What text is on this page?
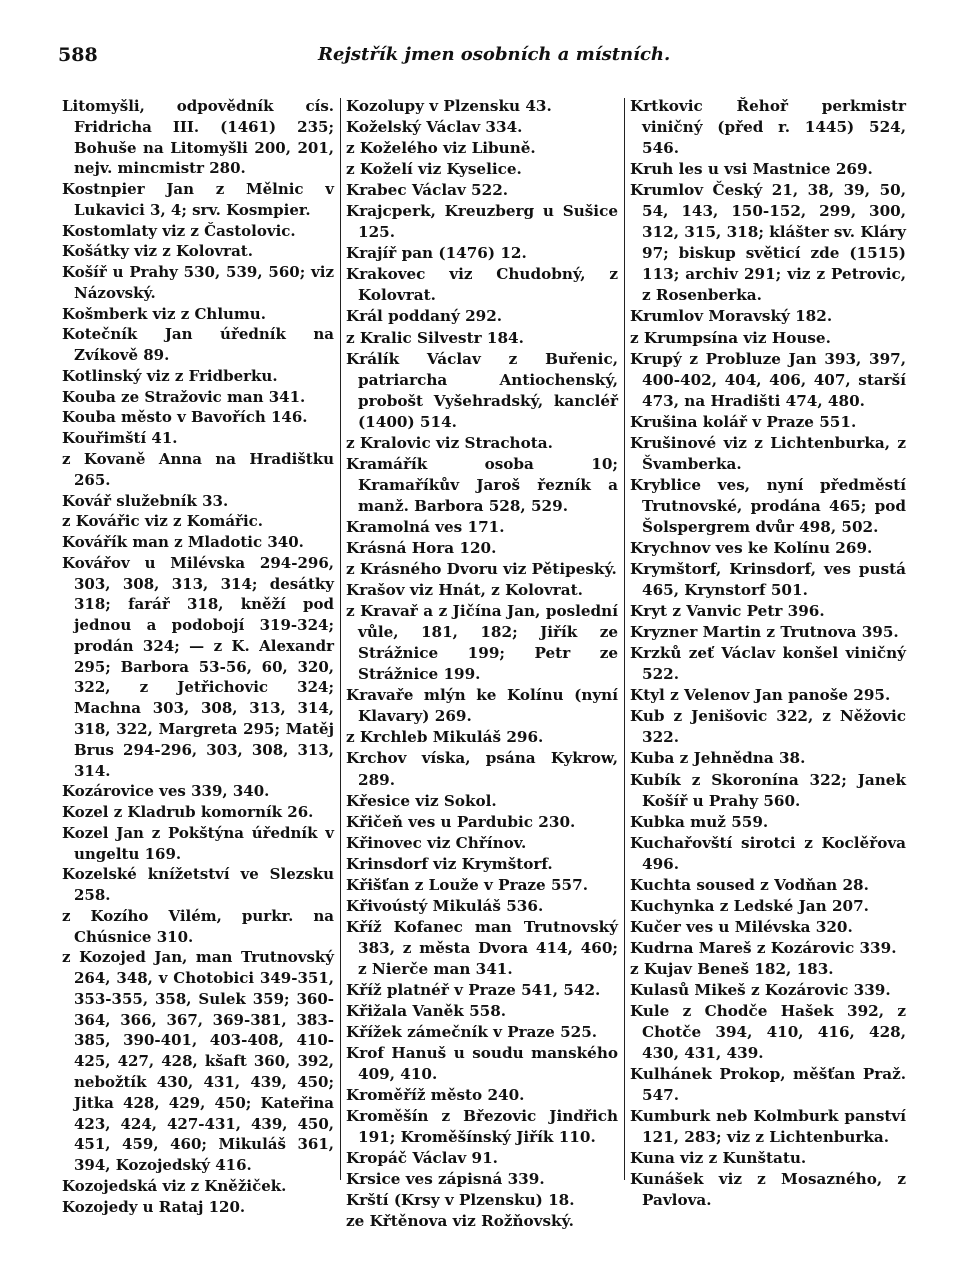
588	Rejstřík jmen osobních a místních.
Litomyšli, odpovědník cís. Fridricha III. (1461) 235; Bohuše na Litomyšli 200, 201, nejv. mincmistr 280.
Kostnpier Jan z Mělnic v Lukavici 3, 4; srv. Kosmpier.
Kostomlaty viz z Častolovic.
Košátky viz z Kolovrat.
Košíř u Prahy 530, 539, 560; viz Názovský.
Košmberk viz z Chlumu.
Kotečník Jan úředník na Zvíkově 89.
Kotlinský viz z Fridberku.
Kouba ze Stražovic man 341.
Kouba město v Bavořích 146.
Kouřimští 41.
z Kovaně Anna na Hradištku 265.
Kovář služebník 33.
z Kovářic viz z Komářic.
Kovářík man z Mladotic 340.
Kovářov u Milévska 294-296, 303, 308, 313, 314; desátky 318; farář 318, kněží pod jednou a podobojí 319-324; prodán 324; — z K. Alexandr 295; Barbora 53-56, 60, 320, 322, z Jetřichovic 324; Machna 303, 308, 313, 314, 318, 322, Margreta 295; Matěj Brus 294-296, 303, 308, 313, 314.
Kozárovice ves 339, 340.
Kozel z Kladrub komorník 26.
Kozel Jan z Pokštýna úředník v ungeltu 169.
Kozelské knížetství ve Slezsku 258.
z Kozího Vilém, purkr. na Chúsnice 310.
z Kozojed Jan, man Trutnovský 264, 348, v Chotobici 349-351, 353-355, 358, Sulek 359; 360-364, 366, 367, 369-381, 383-385, 390-401, 403-408, 410-425, 427, 428, kšaft 360, 392, nebožtík 430, 431, 439, 450; Jitka 428, 429, 450; Kateřina 423, 424, 427-431, 439, 450, 451, 459, 460; Mikuláš 361, 394, Kozojedský 416.
Kozojedská viz z Kněžiček.
Kozojedy u Rataj 120.
Kozolupy v Plzensku 43.
Koželský Václav 334.
z Koželého viz Libuně.
z Koželí viz Kyselice.
Krabec Václav 522.
Krajcperk, Kreuzberg u Sušice 125.
Krajíř pan (1476) 12.
Krakovec viz Chudobný, z Kolovrat.
Král poddaný 292.
z Kralic Silvestr 184.
Králík Václav z Buřenic, patriarcha Antiochenský, probošt Vyšehradský, kancléř (1400) 514.
z Kralovic viz Strachota.
Kramářík osoba 10; Kramaříkův Jaroš řezník a manž. Barbora 528, 529.
Kramolná ves 171.
Krásná Hora 120.
z Krásného Dvoru viz Pětipeský.
Krašov viz Hnát, z Kolovrat.
z Kravař a z Jičína Jan, poslední vůle, 181, 182; Jiřík ze Strážnice 199; Petr ze Strážnice 199.
Kravaře mlýn ke Kolínu (nyní Klavary) 269.
z Krchleb Mikuláš 296.
Krchov víska, psána Kykrow, 289.
Křesice viz Sokol.
Křičeň ves u Pardubic 230.
Křinovec viz Chřínov.
Krinsdorf viz Krymštorf.
Křišťan z Louže v Praze 557.
Křivoústý Mikuláš 536.
Kříž Kofanec man Trutnovský 383, z města Dvora 414, 460; z Nierče man 341.
Kříž platnéř v Praze 541, 542.
Křižala Vaněk 558.
Křížek zámečník v Praze 525.
Krof Hanuš u soudu manského 409, 410.
Kroměříž město 240.
Kroměšín z Březovic Jindřich 191; Kroměšínský Jiřík 110.
Kropáč Václav 91.
Krsice ves zápisná 339.
Krští (Krsy v Plzensku) 18.
ze Křtěnova viz Rožňovský.
Krtkovic Řehoř perkmistr viničný (před r. 1445) 524, 546.
Kruh les u vsi Mastnice 269.
Krumlov Český 21, 38, 39, 50, 54, 143, 150-152, 299, 300, 312, 315, 318; klášter sv. Kláry 97; biskup světicí zde (1515) 113; archiv 291; viz z Petrovic, z Rosenberka.
Krumlov Moravský 182.
z Krumpsína viz House.
Krupý z Probluze Jan 393, 397, 400-402, 404, 406, 407, starší 473, na Hradišti 474, 480.
Krušina kolář v Praze 551.
Krušinové viz z Lichtenburka, z Švamberka.
Kryblice ves, nyní předměstí Trutnovské, prodána 465; pod Šolspergrem dvůr 498, 502.
Krychnov ves ke Kolínu 269.
Krymštorf, Krinsdorf, ves pustá 465, Krynstorf 501.
Kryt z Vanvic Petr 396.
Kryzner Martin z Trutnova 395.
Krzků zeť Václav konšel viničný 522.
Ktyl z Velenov Jan panoše 295.
Kub z Jenišovic 322, z Něžovic 322.
Kuba z Jehnědna 38.
Kubík z Skoronína 322; Janek Košíř u Prahy 560.
Kubka muž 559.
Kuchařovští sirotci z Koclěřova 496.
Kuchta soused z Vodňan 28.
Kuchynka z Ledské Jan 207.
Kučer ves u Milévska 320.
Kudrna Mareš z Kozárovic 339.
z Kujav Beneš 182, 183.
Kulasů Mikeš z Kozárovic 339.
Kule z Chodče Hašek 392, z Chotče 394, 410, 416, 428, 430, 431, 439.
Kulhánek Prokop, měšťan Praž. 547.
Kumburk neb Kolmburk panství 121, 283; viz z Lichtenburka.
Kuna viz z Kunštatu.
Kunášek viz z Mosazného, z Pavlova.
